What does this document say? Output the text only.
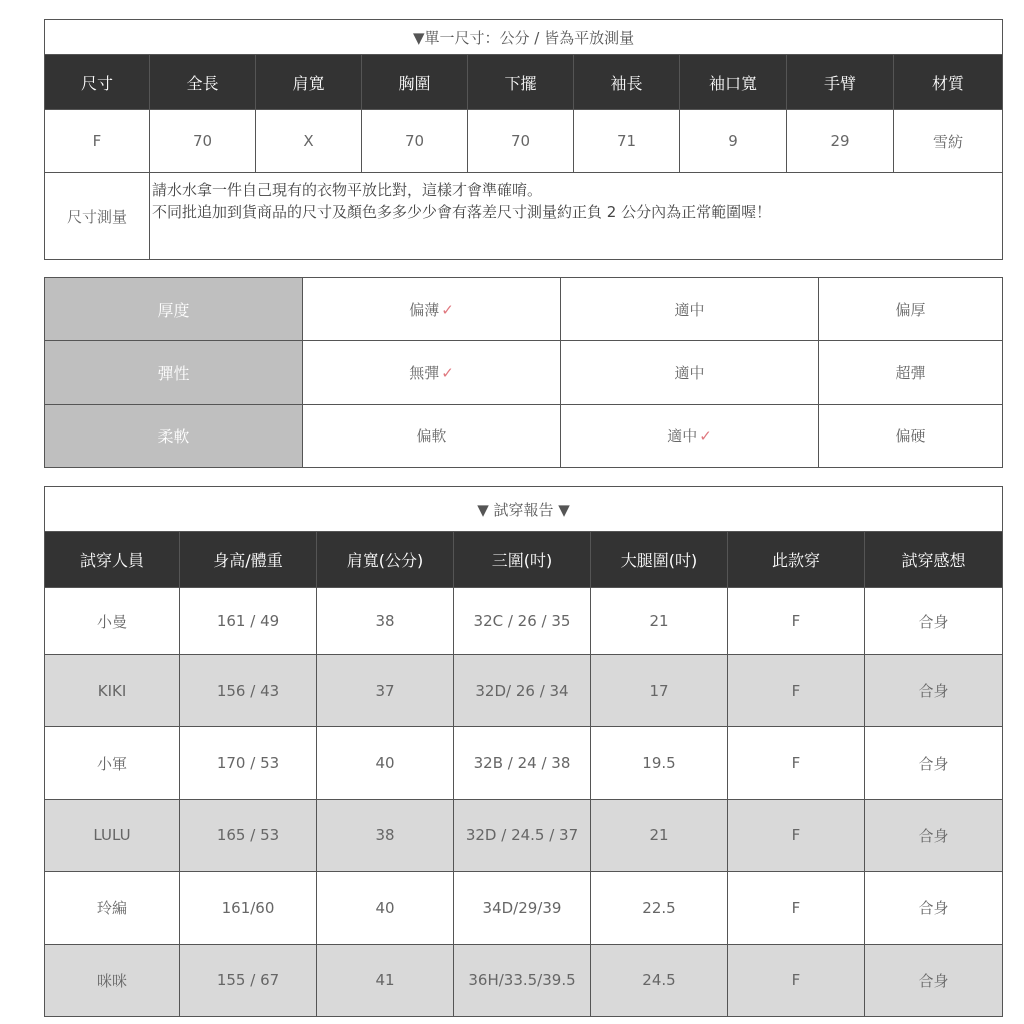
▼單一尺寸：公分 / 皆為平放測量								
尺寸	全長	肩寬	胸圍	下擺	袖長	袖口寬	手臂	材質
F	70	X	70	70	71	9	29	雪紡
尺寸測量	請水水拿一件自己現有的衣物平放比對，這樣才會準確唷。
不同批追加到貨商品的尺寸及顏色多多少少會有落差尺寸測量約正負 2 公分內為正常範圍喔！							
厚度	偏薄 ✓	適中	偏厚
彈性	無彈 ✓	適中	超彈
柔軟	偏軟	適中 ✓	偏硬
▼ 試穿報告 ▼						
試穿人員	身高/體重	肩寬(公分)	三圍(吋)	大腿圍(吋)	此款穿	試穿感想
小曼	161 / 49	38	32C / 26 / 35	21	F	合身
KIKI	156 / 43	37	32D/ 26 / 34	17	F	合身
小軍	170 / 53	40	32B / 24 / 38	19.5	F	合身
LULU	165 / 53	38	32D / 24.5 / 37	21	F	合身
玲編	161/60	40	34D/29/39	22.5	F	合身
咪咪	155 / 67	41	36H/33.5/39.5	24.5	F	合身
